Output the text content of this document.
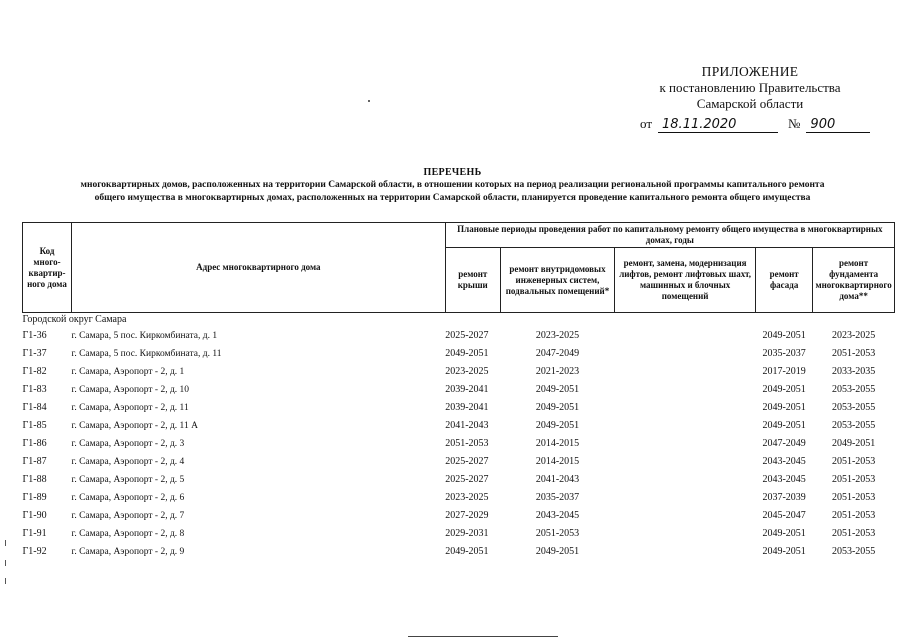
ПРИЛОЖЕНИЕ
к постановлению Правительства
Самарской области
от 18.11.2020	№ 900
ПЕРЕЧЕНЬ
многоквартирных домов, расположенных на территории Самарской области, в отношении которых на период реализации региональной программы капитального ремонта
общего имущества в многоквартирных домах, расположенных на территории Самарской области, планируется проведение капитального ремонта общего имущества
Код много-квартир-ного дома	Адрес многоквартирного дома	Плановые периоды проведения работ по капитальному ремонту общего имущества в многоквартирных домах, годы				
		ремонт крыши	ремонт внутридомовых инженерных систем, подвальных помещений*	ремонт, замена, модернизация лифтов, ремонт лифтовых шахт, машинных и блочных помещений	ремонт фасада	ремонт фундамента многоквартирного дома**
Городской округ Самара						
Г1-36	г. Самара, 5 пос. Киркомбината, д. 1	2025-2027	2023-2025		2049-2051	2023-2025
Г1-37	г. Самара, 5 пос. Киркомбината, д. 11	2049-2051	2047-2049		2035-2037	2051-2053
Г1-82	г. Самара, Аэропорт - 2, д. 1	2023-2025	2021-2023		2017-2019	2033-2035
Г1-83	г. Самара, Аэропорт - 2, д. 10	2039-2041	2049-2051		2049-2051	2053-2055
Г1-84	г. Самара, Аэропорт - 2, д. 11	2039-2041	2049-2051		2049-2051	2053-2055
Г1-85	г. Самара, Аэропорт - 2, д. 11 А	2041-2043	2049-2051		2049-2051	2053-2055
Г1-86	г. Самара, Аэропорт - 2, д. 3	2051-2053	2014-2015		2047-2049	2049-2051
Г1-87	г. Самара, Аэропорт - 2, д. 4	2025-2027	2014-2015		2043-2045	2051-2053
Г1-88	г. Самара, Аэропорт - 2, д. 5	2025-2027	2041-2043		2043-2045	2051-2053
Г1-89	г. Самара, Аэропорт - 2, д. 6	2023-2025	2035-2037		2037-2039	2051-2053
Г1-90	г. Самара, Аэропорт - 2, д. 7	2027-2029	2043-2045		2045-2047	2051-2053
Г1-91	г. Самара, Аэропорт - 2, д. 8	2029-2031	2051-2053		2049-2051	2051-2053
Г1-92	г. Самара, Аэропорт - 2, д. 9	2049-2051	2049-2051		2049-2051	2053-2055
